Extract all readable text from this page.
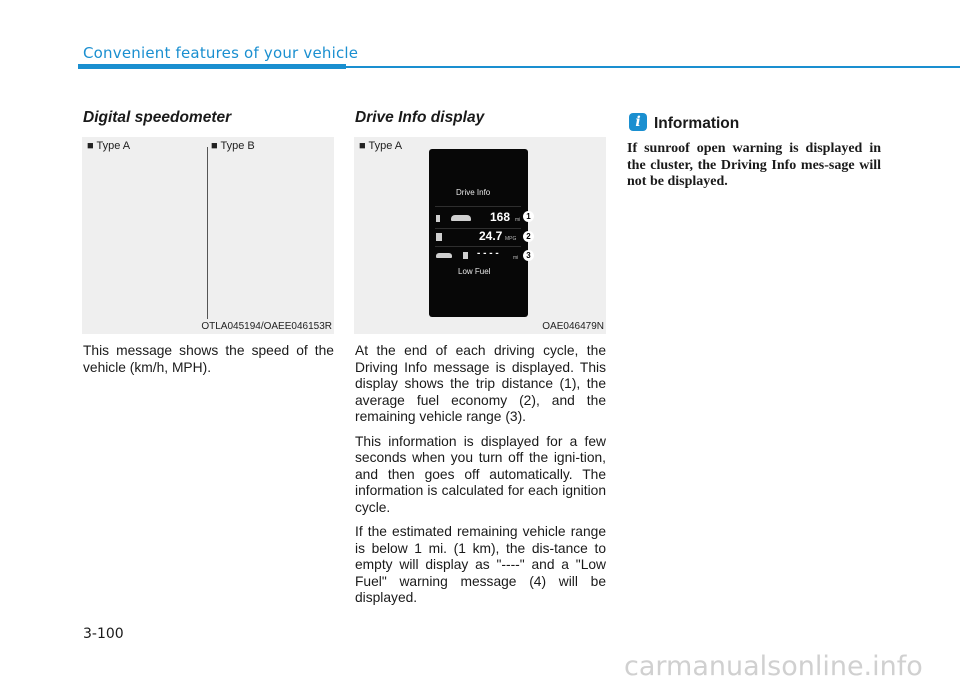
Convenient features of your vehicle
Digital speedometer
■ Type A	■ Type B
OTLA045194/OAEE046153R
This message shows the speed of the vehicle (km/h, MPH).
Drive Info display
■ Type A
OAE046479N
Drive Info
168 mi
24.7 MPG
- - - -	mi
Low Fuel
1
2
3

At the end of each driving cycle, the Driving Info message is displayed. This display shows the trip distance (1), the average fuel economy (2), and the remaining vehicle range (3).

This information is displayed for a few seconds when you turn off the igni-tion, and then goes off automatically. The information is calculated for each ignition cycle.

If the estimated remaining vehicle range is below 1 mi. (1 km), the dis-tance to empty will display as "----" and a "Low Fuel" warning message (4) will be displayed.

i Information
If sunroof open warning is displayed in the cluster, the Driving Info mes-sage will not be displayed.
3-100
carmanualsonline.info
